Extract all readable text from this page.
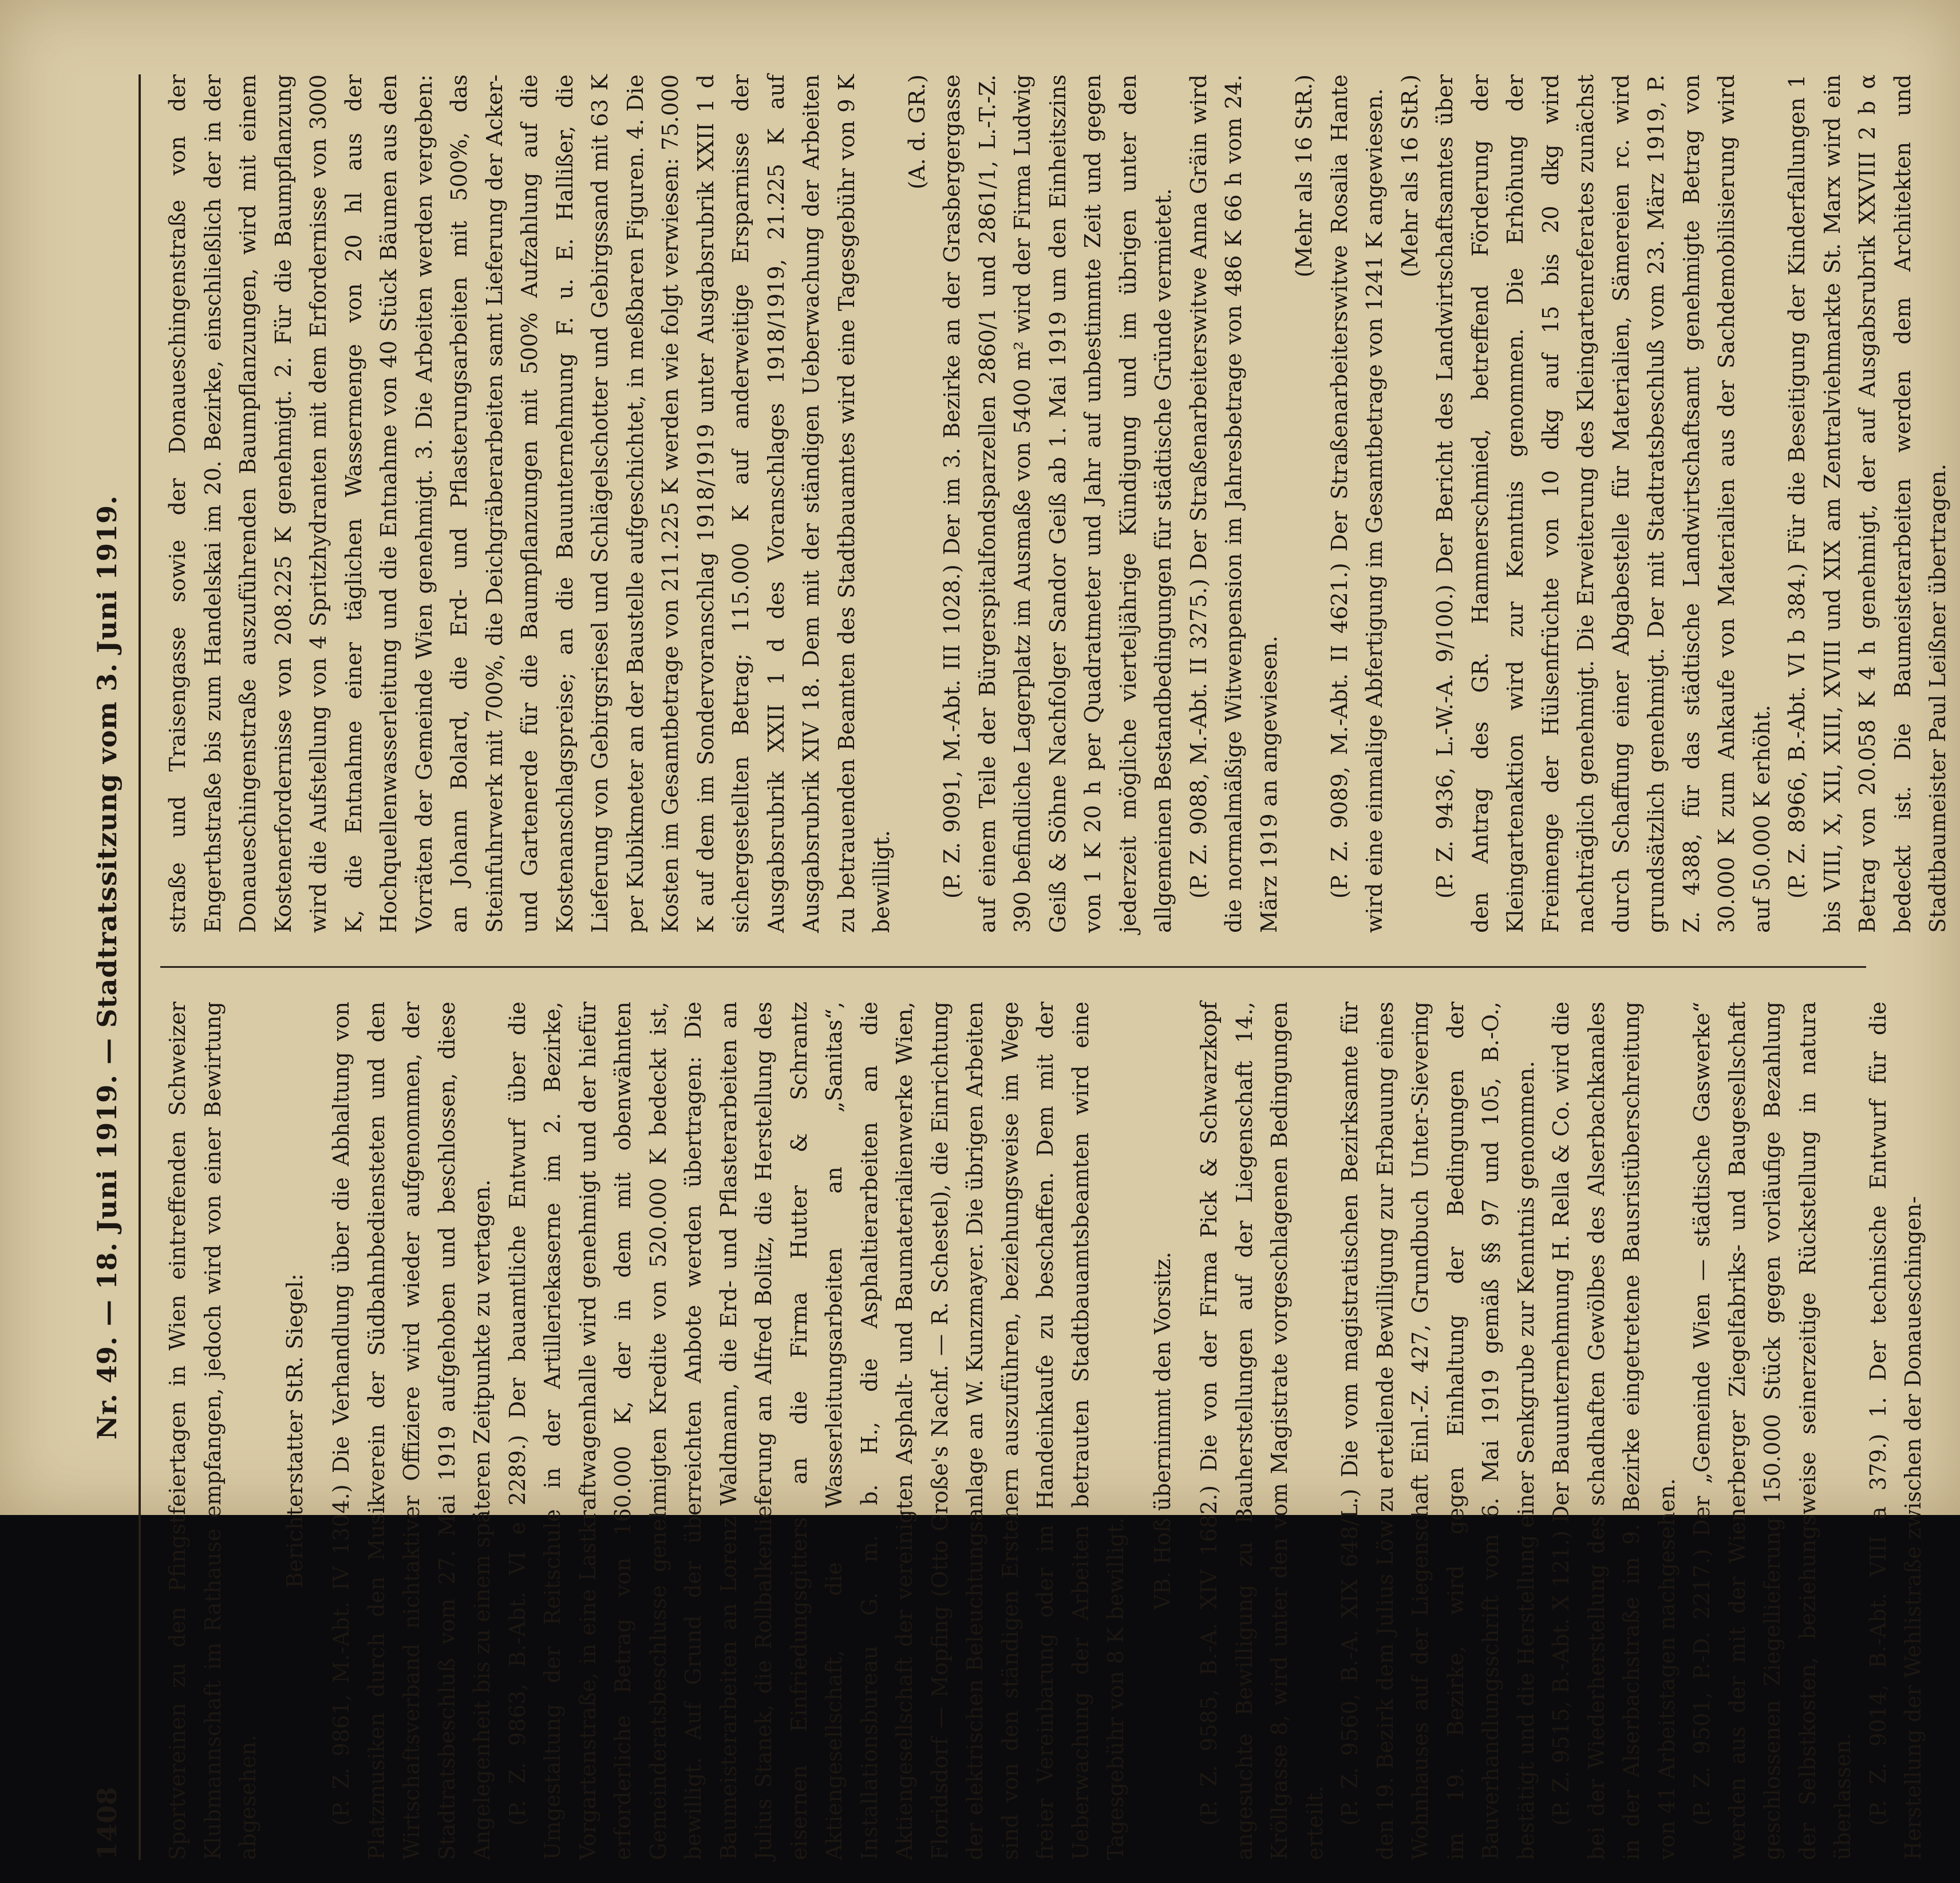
1408
Nr. 49. — 18. Juni 1919. — Stadtratssitzung vom 3. Juni 1919. Sportvereinen zu den Pfingstfeiertagen in Wien eintreffenden Schweizer Klubmannschaft im Rathause empfangen, jedoch wird von einer Bewirtung abgesehen.

Berichterstatter StR. Siegel: (P. Z. 9861, M.-Abt. IV 1304.) Die Verhandlung über die Abhaltung von Platzmusiken durch den Musikverein der Südbahnbediensteten und den Wirtschaftsverband nichtaktiver Offiziere wird wieder aufgenommen, der Stadtratsbeschluß vom 27. Mai 1919 aufgehoben und beschlossen, diese Angelegenheit bis zu einem späteren Zeitpunkte zu vertagen. (P. Z. 9863, B.-Abt. VI e 2289.) Der bauamtliche Entwurf über die Umgestaltung der Reitschule in der Artilleriekaserne im 2. Bezirke, Vorgartenstraße, in eine Lastkraftwagenhalle wird genehmigt und der hiefür erforderliche Betrag von 160.000 K, der in dem mit obenwähnten Gemeinderatsbeschlusse genehmigten Kredite von 520.000 K bedeckt ist, bewilligt. Auf Grund der überreichten Anbote werden übertragen: Die Baumeisterarbeiten an Lorenz Waldmann, die Erd- und Pflasterarbeiten an Julius Stanek, die Rollbalkenlieferung an Alfred Bolitz, die Herstellung des eisernen Einfriedungsgitters an die Firma Hutter & Schrantz Aktiengesellschaft, die Wasserleitungsarbeiten an „Sanitas“, Installationsbureau G. m. b. H., die Asphaltierarbeiten an die Aktiengesellschaft der vereinigten Asphalt- und Baumaterialienwerke Wien, Floridsdorf — Mopfing (Otto Große's Nachf. — R. Schestel), die Einrichtung der elektrischen Beleuchtungsanlage an W. Kunzmayer. Die übrigen Arbeiten sind von den ständigen Erstehern auszuführen, beziehungsweise im Wege freier Vereinbarung oder im Handeinkaufe zu beschaffen. Dem mit der Ueberwachung der Arbeiten betrauten Stadtbauamtsbeamten wird eine Tagesgebühr von 8 K bewilligt.

VB. Hoß übernimmt den Vorsitz. (P. Z. 9585, B.-A. XIV 1682.) Die von der Firma Pick & Schwarzkopf angesuchte Bewilligung zu Bauherstellungen auf der Liegenschaft 14., Kröllgasse 8, wird unter den vom Magistrate vorgeschlagenen Bedingungen erteilt. (P. Z. 9560, B.-A. XIX 648/L.) Die vom magistratischen Bezirksamte für den 19. Bezirk dem Julius Löw zu erteilende Bewilligung zur Erbauung eines Wohnhauses auf der Liegenschaft Einl.-Z. 427, Grundbuch Unter-Sievering im 19. Bezirke, wird gegen Einhaltung der Bedingungen der Bauverhandlungsschrift vom 6. Mai 1919 gemäß §§ 97 und 105, B.-O., bestätigt und die Herstellung einer Senkgrube zur Kenntnis genommen. (P. Z. 9515, B.-Abt. X 121.) Der Bauunternehmung H. Rella & Co. wird die bei der Wiederherstellung des schadhaften Gewölbes des Alserbachkanales in der Alserbachstraße im 9. Bezirke eingetretene Bausristüberschreitung von 41 Arbeitstagen nachgesehen. (P. Z. 9501, P.-D. 2217.) Der „Gemeinde Wien — städtische Gaswerke“ werden aus der mit der Wienerberger Ziegelfabriks- und Baugesellschaft geschlossenen Ziegellieferung 150.000 Stück gegen vorläufige Bezahlung der Selbstkosten, beziehungsweise seinerzeitige Rückstellung in natura überlassen. (P. Z. 9014, B.-Abt. VIII a 379.) 1. Der technische Entwurf für die Herstellung der Wehlistraße zwischen der Donaueschingen-

straße und Traisengasse sowie der Donaueschingenstraße von der Engerthstraße bis zum Handelskai im 20. Bezirke, einschließlich der in der Donaueschingenstraße auszuführenden Baumpflanzungen, wird mit einem Kostenerfordernisse von 208.225 K genehmigt. 2. Für die Baumpflanzung wird die Aufstellung von 4 Spritzhydranten mit dem Erfordernisse von 3000 K, die Entnahme einer täglichen Wassermenge von 20 hl aus der Hochquellenwasserleitung und die Entnahme von 40 Stück Bäumen aus den Vorräten der Gemeinde Wien genehmigt. 3. Die Arbeiten werden vergeben: an Johann Bolard, die Erd- und Pflasterungsarbeiten mit 500%, das Steinfuhrwerk mit 700%, die Deichgräberarbeiten samt Lieferung der Acker- und Gartenerde für die Baumpflanzungen mit 500% Aufzahlung auf die Kostenanschlagspreise; an die Bauunternehmung F. u. E. Hallißer, die Lieferung von Gebirgsriesel und Schlägelschotter und Gebirgssand mit 63 K per Kubikmeter an der Baustelle aufgeschichtet, in meßbaren Figuren. 4. Die Kosten im Gesamtbetrage von 211.225 K werden wie folgt verwiesen: 75.000 K auf dem im Sondervoranschlag 1918/1919 unter Ausgabsrubrik XXII 1 d sichergestellten Betrag; 115.000 K auf anderweitige Ersparnisse der Ausgabsrubrik XXII 1 d des Voranschlages 1918/1919, 21.225 K auf Ausgabsrubrik XIV 18. Dem mit der ständigen Ueberwachung der Arbeiten zu betrauenden Beamten des Stadtbauamtes wird eine Tagesgebühr von 9 K bewilligt.

(A. d. GR.) (P. Z. 9091, M.-Abt. III 1028.) Der im 3. Bezirke an der Grasbergergasse auf einem Teile der Bürgerspitalfondsparzellen 2860/1 und 2861/1, L.-T.-Z. 390 befindliche Lagerplatz im Ausmaße von 5400 m² wird der Firma Ludwig Geiß & Söhne Nachfolger Sandor Geiß ab 1. Mai 1919 um den Einheitszins von 1 K 20 h per Quadratmeter und Jahr auf unbestimmte Zeit und gegen jederzeit mögliche vierteljährige Kündigung und im übrigen unter den allgemeinen Bestandbedingungen für städtische Gründe vermietet. (P. Z. 9088, M.-Abt. II 3275.) Der Straßenarbeiterswitwe Anna Gräin wird die normalmäßige Witwenpension im Jahresbetrage von 486 K 66 h vom 24. März 1919 an angewiesen.

(Mehr als 16 StR.) (P. Z. 9089, M.-Abt. II 4621.) Der Straßenarbeiterswitwe Rosalia Hante wird eine einmalige Abfertigung im Gesamtbetrage von 1241 K angewiesen. (Mehr als 16 StR.) (P. Z. 9436, L.-W.-A. 9/100.) Der Bericht des Landwirtschaftsamtes über den Antrag des GR. Hammerschmied, betreffend Förderung der Kleingartenaktion wird zur Kenntnis genommen. Die Erhöhung der Freimenge der Hülsenfrüchte von 10 dkg auf 15 bis 20 dkg wird nachträglich genehmigt. Die Erweiterung des Kleingartenreferates zunächst durch Schaffung einer Abgabestelle für Materialien, Sämereien rc. wird grundsätzlich genehmigt. Der mit Stadtratsbeschluß vom 23. März 1919, P. Z. 4388, für das städtische Landwirtschaftsamt genehmigte Betrag von 30.000 K zum Ankaufe von Materialien aus der Sachdemobilisierung wird auf 50.000 K erhöht. (P. Z. 8966, B.-Abt. VI b 384.) Für die Beseitigung der Kinderfallungen 1 bis VIII, X, XII, XIII, XVIII und XIX am Zentralviehmarkte St. Marx wird ein Betrag von 20.058 K 4 h genehmigt, der auf Ausgabsrubrik XXVIII 2 b α bedeckt ist. Die Baumeisterarbeiten werden dem Architekten und Stadtbaumeister Paul Leißner übertragen.
